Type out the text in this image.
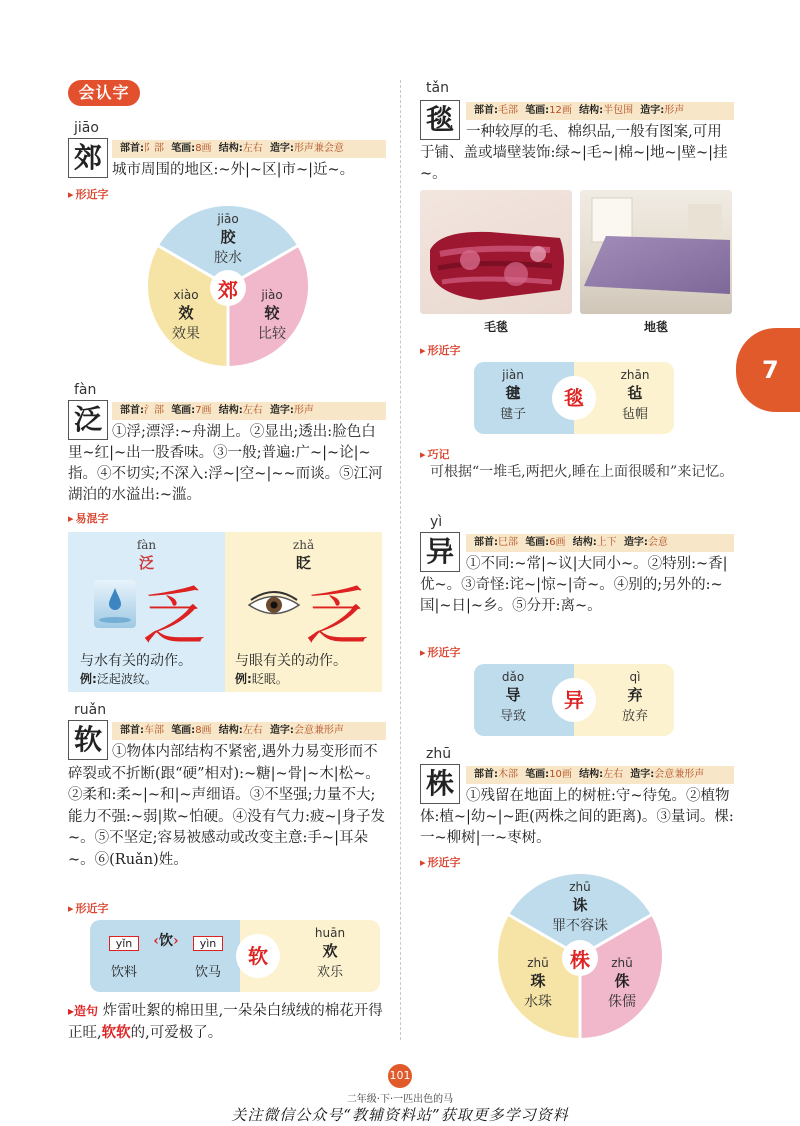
会认字
7
jiāo
郊	部首:阝部 笔画:8画 结构:左右 造字:形声兼会意
城市周围的地区:~外|~区|市~|近~。
▸ 形近字
郊
jiāo
胶
胶水
xiào
效
效果
jiào
较
比较
fàn
泛	部首:氵部 笔画:7画 结构:左右 造字:形声
①浮;漂浮:~舟湖上。②显出;透出:脸色白里~红|~出一股香味。③一般;普遍:广~|~论|~指。④不切实;不深入:浮~|空~|~~而谈。⑤江河湖泊的水溢出:~滥。
▸ 易混字
fàn
泛
乏
与水有关的动作。
例:泛起波纹。
zhǎ
眨
乏
与眼有关的动作。
例:眨眼。
ruǎn
软	部首:车部 笔画:8画 结构:左右 造字:会意兼形声
①物体内部结构不紧密,遇外力易变形而不碎裂或不折断(跟“硬”相对):~糖|~骨|~木|松~。②柔和:柔~|~和|~声细语。③不坚强;力量不大;能力不强:~弱|欺~怕硬。④没有气力:疲~|身子发~。⑤不坚定;容易被感动或改变主意:手~|耳朵~。⑥(Ruǎn)姓。
▸ 形近字
yǐn
饮料
‹饮›	yìn
饮马
软
huān
欢
欢乐
▸造句 炸雷吐絮的棉田里,一朵朵白绒绒的棉花开得正旺,软软的,可爱极了。
tǎn
毯	部首:毛部 笔画:12画 结构:半包围 造字:形声
一种较厚的毛、棉织品,一般有图案,可用于铺、盖或墙壁装饰:绿~|毛~|棉~|地~|壁~|挂~。
毛毯	地毯
▸ 形近字
jiàn
毽
毽子
毯
zhān
毡
毡帽
▸ 巧记
可根据“一堆毛,两把火,睡在上面很暖和”来记忆。
yì
异	部首:巳部 笔画:6画 结构:上下 造字:会意
①不同:~常|~议|大同小~。②特别:~香|优~。③奇怪:诧~|惊~|奇~。④别的;另外的:~国|~日|~乡。⑤分开:离~。
▸ 形近字
dǎo
导
导致
异
qì
弃
放弃
zhū
株	部首:木部 笔画:10画 结构:左右 造字:会意兼形声
①残留在地面上的树桩:守~待兔。②植物体:植~|幼~|~距(两株之间的距离)。③量词。棵:一~柳树|一~枣树。
▸ 形近字
株
zhū
诛
罪不容诛
zhū
珠
水珠
zhū
侏
侏儒
101
二年级·下·一匹出色的马
关注微信公众号“教辅资料站”获取更多学习资料
